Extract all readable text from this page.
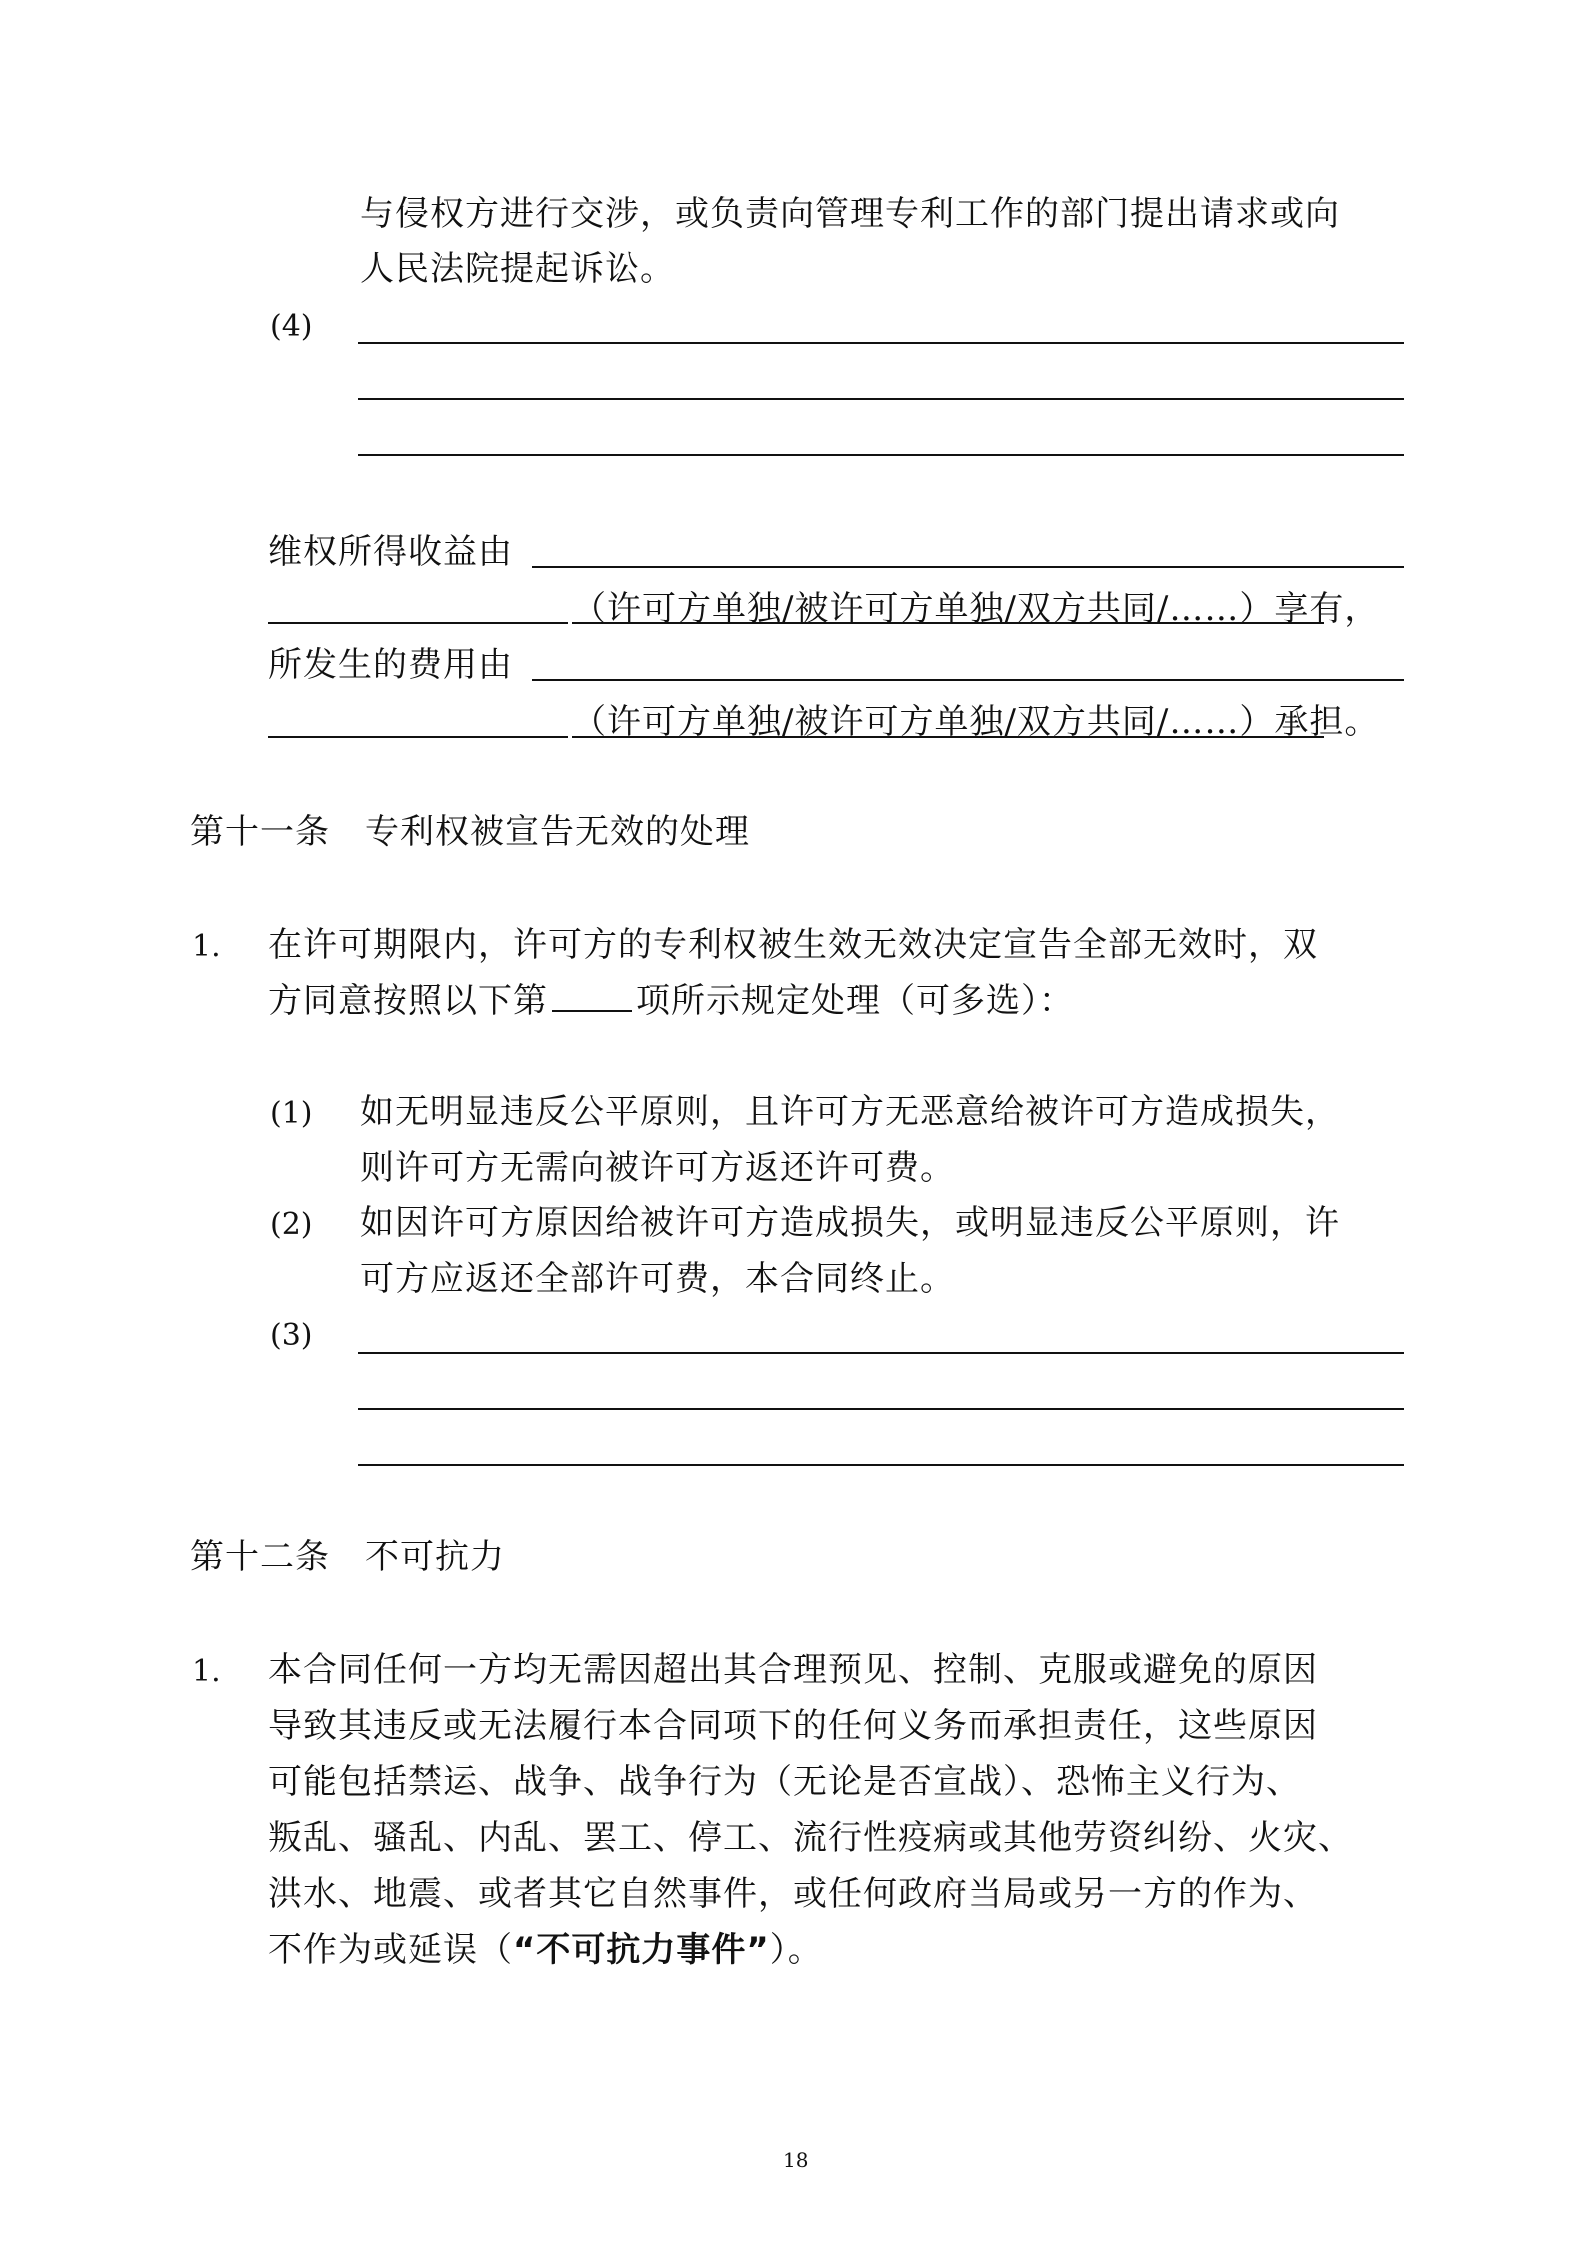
与侵权方进行交涉，或负责向管理专利工作的部门提出请求或向
人民法院提起诉讼。
(4)
维权所得收益由
（许可方单独/被许可方单独/双方共同/……）享有，
所发生的费用由
（许可方单独/被许可方单独/双方共同/……）承担。
第十一条　专利权被宣告无效的处理
1. 在许可期限内，许可方的专利权被生效无效决定宣告全部无效时，双
方同意按照以下第	项所示规定处理（可多选）：
(1) 如无明显违反公平原则，且许可方无恶意给被许可方造成损失，
则许可方无需向被许可方返还许可费。
(2) 如因许可方原因给被许可方造成损失，或明显违反公平原则，许
可方应返还全部许可费，本合同终止。
(3)
第十二条　不可抗力
1. 本合同任何一方均无需因超出其合理预见、控制、克服或避免的原因
导致其违反或无法履行本合同项下的任何义务而承担责任，这些原因
可能包括禁运、战争、战争行为（无论是否宣战）、恐怖主义行为、
叛乱、骚乱、内乱、罢工、停工、流行性疫病或其他劳资纠纷、火灾、
洪水、地震、或者其它自然事件，或任何政府当局或另一方的作为、
不作为或延误（“不可抗力事件”）。
18
